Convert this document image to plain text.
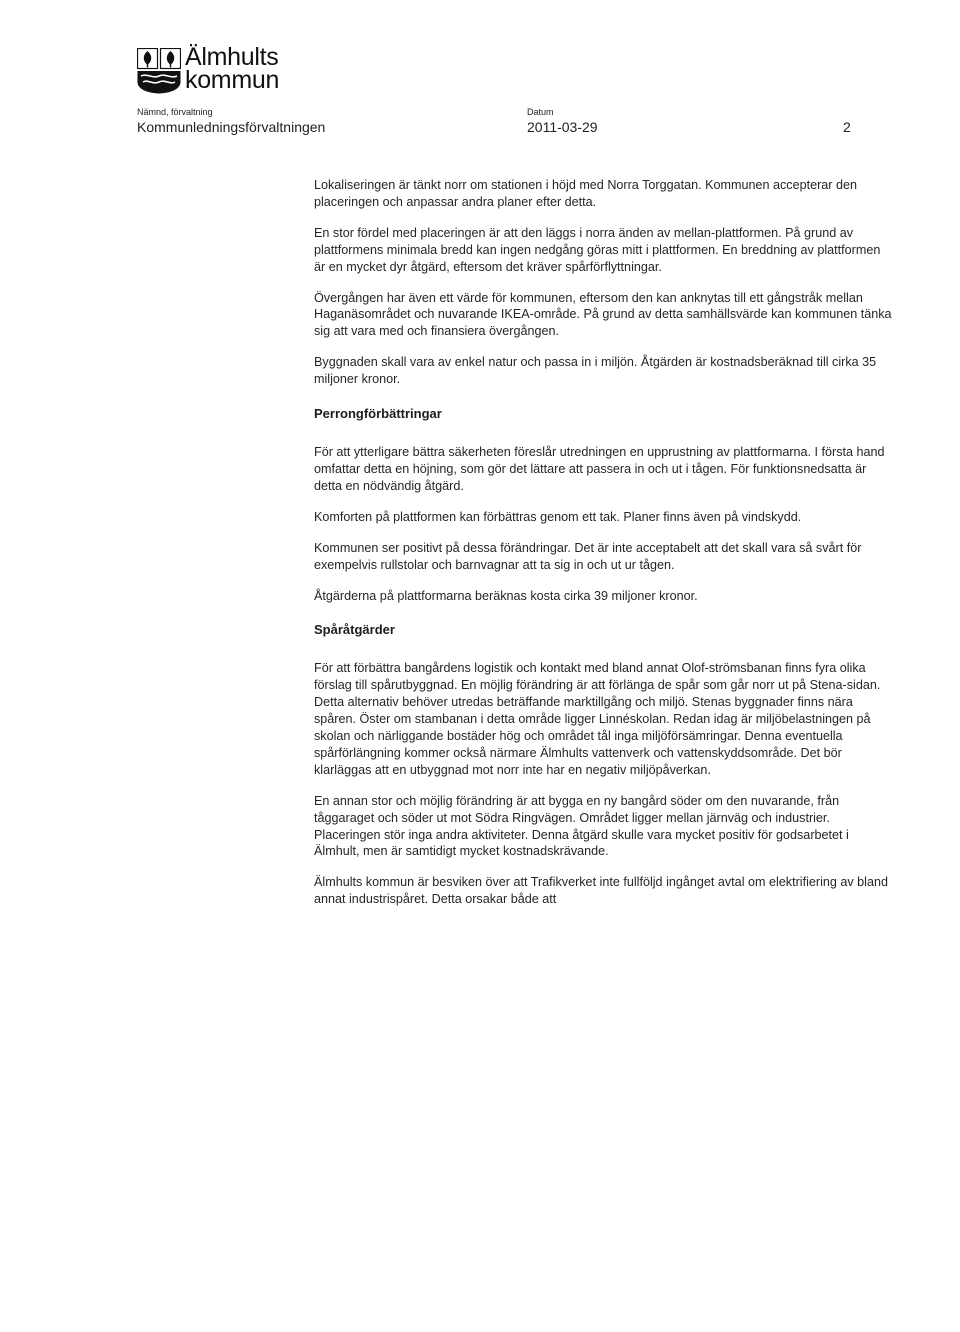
Älmhults
kommun
Nämnd, förvaltning
Kommunledningsförvaltningen
Datum
2011-03-29	2

Lokaliseringen är tänkt norr om stationen i höjd med Norra Torggatan. Kommunen accepterar den placeringen och anpassar andra planer efter detta.

En stor fördel med placeringen är att den läggs i norra änden av mellan-plattformen. På grund av plattformens minimala bredd kan ingen nedgång göras mitt i plattformen. En breddning av plattformen är en mycket dyr åtgärd, eftersom det kräver spårförflyttningar.

Övergången har även ett värde för kommunen, eftersom den kan anknytas till ett gångstråk mellan Haganäsområdet och nuvarande IKEA-område. På grund av detta samhällsvärde kan kommunen tänka sig att vara med och finansiera övergången.

Byggnaden skall vara av enkel natur och passa in i miljön. Åtgärden är kostnadsberäknad till cirka 35 miljoner kronor.

Perrongförbättringar

För att ytterligare bättra säkerheten föreslår utredningen en upprustning av plattformarna. I första hand omfattar detta en höjning, som gör det lättare att passera in och ut i tågen. För funktionsnedsatta är detta en nödvändig åtgärd.

Komforten på plattformen kan förbättras genom ett tak. Planer finns även på vindskydd.

Kommunen ser positivt på dessa förändringar. Det är inte acceptabelt att det skall vara så svårt för exempelvis rullstolar och barnvagnar att ta sig in och ut ur tågen.

Åtgärderna på plattformarna beräknas kosta cirka 39 miljoner kronor.

Spåråtgärder

För att förbättra bangårdens logistik och kontakt med bland annat Olof-strömsbanan finns fyra olika förslag till spårutbyggnad. En möjlig förändring är att förlänga de spår som går norr ut på Stena-sidan. Detta alternativ behöver utredas beträffande marktillgång och miljö. Stenas byggnader finns nära spåren. Öster om stambanan i detta område ligger Linnéskolan. Redan idag är miljöbelastningen på skolan och närliggande bostäder hög och området tål inga miljöförsämringar. Denna eventuella spårförlängning kommer också närmare Älmhults vattenverk och vattenskyddsområde. Det bör klarläggas att en utbyggnad mot norr inte har en negativ miljöpåverkan.

En annan stor och möjlig förändring är att bygga en ny bangård söder om den nuvarande, från tåggaraget och söder ut mot Södra Ringvägen. Området ligger mellan järnväg och industrier. Placeringen stör inga andra aktiviteter. Denna åtgärd skulle vara mycket positiv för godsarbetet i Älmhult, men är samtidigt mycket kostnadskrävande.

Älmhults kommun är besviken över att Trafikverket inte fullföljd ingånget avtal om elektrifiering av bland annat industrispåret. Detta orsakar både att
